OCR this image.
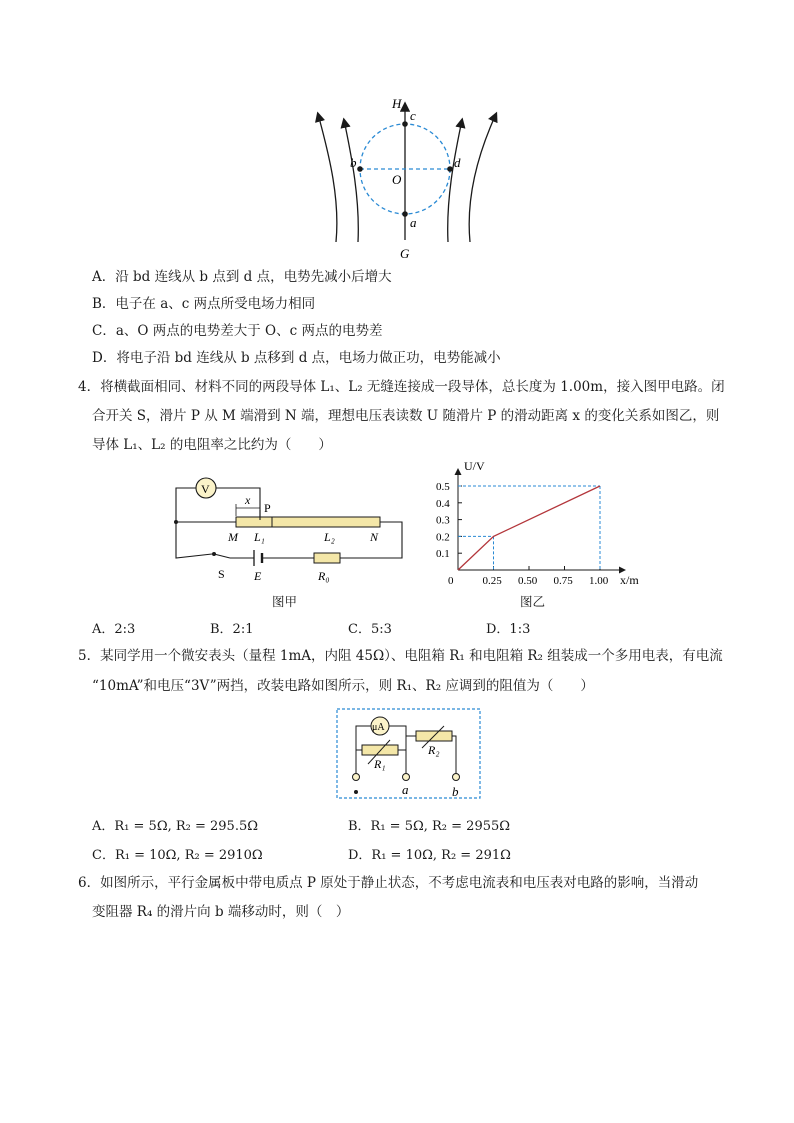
H
c
b	d
O
a
G
A．沿 bd 连线从 b 点到 d 点，电势先减小后增大
B．电子在 a、c 两点所受电场力相同
C．a、O 两点的电势差大于 O、c 两点的电势差
D．将电子沿 bd 连线从 b 点移到 d 点，电场力做正功，电势能减小
4．将横截面相同、材料不同的两段导体 L₁、L₂ 无缝连接成一段导体，总长度为 1.00m，接入图甲电路。闭
合开关 S，滑片 P 从 M 端滑到 N 端，理想电压表读数 U 随滑片 P 的滑动距离 x 的变化关系如图乙，则
导体 L₁、L₂ 的电阻率之比约为（　　）
V
x
P
M L₁	L₂	N
S E	R₀
图甲
0.1
0.2
0.3
0.4
0.5
0.25 0.50 0.75 1.00
0
U/V
x/m
图乙
A．2:3	B．2:1	C．5:3	D．1:3
5．某同学用一个微安表头（量程 1mA，内阻 45Ω）、电阻箱 R₁ 和电阻箱 R₂ 组装成一个多用电表，有电流
“10mA”和电压“3V”两挡，改装电路如图所示，则 R₁、R₂ 应调到的阻值为（　　）
μA
R₁
R₂
a	b
A．R₁ = 5Ω, R₂ = 295.5Ω	B．R₁ = 5Ω, R₂ = 2955Ω
C．R₁ = 10Ω, R₂ = 2910Ω	D．R₁ = 10Ω, R₂ = 291Ω
6．如图所示，平行金属板中带电质点 P 原处于静止状态，不考虑电流表和电压表对电路的影响，当滑动
变阻器 R₄ 的滑片向 b 端移动时，则（　）
